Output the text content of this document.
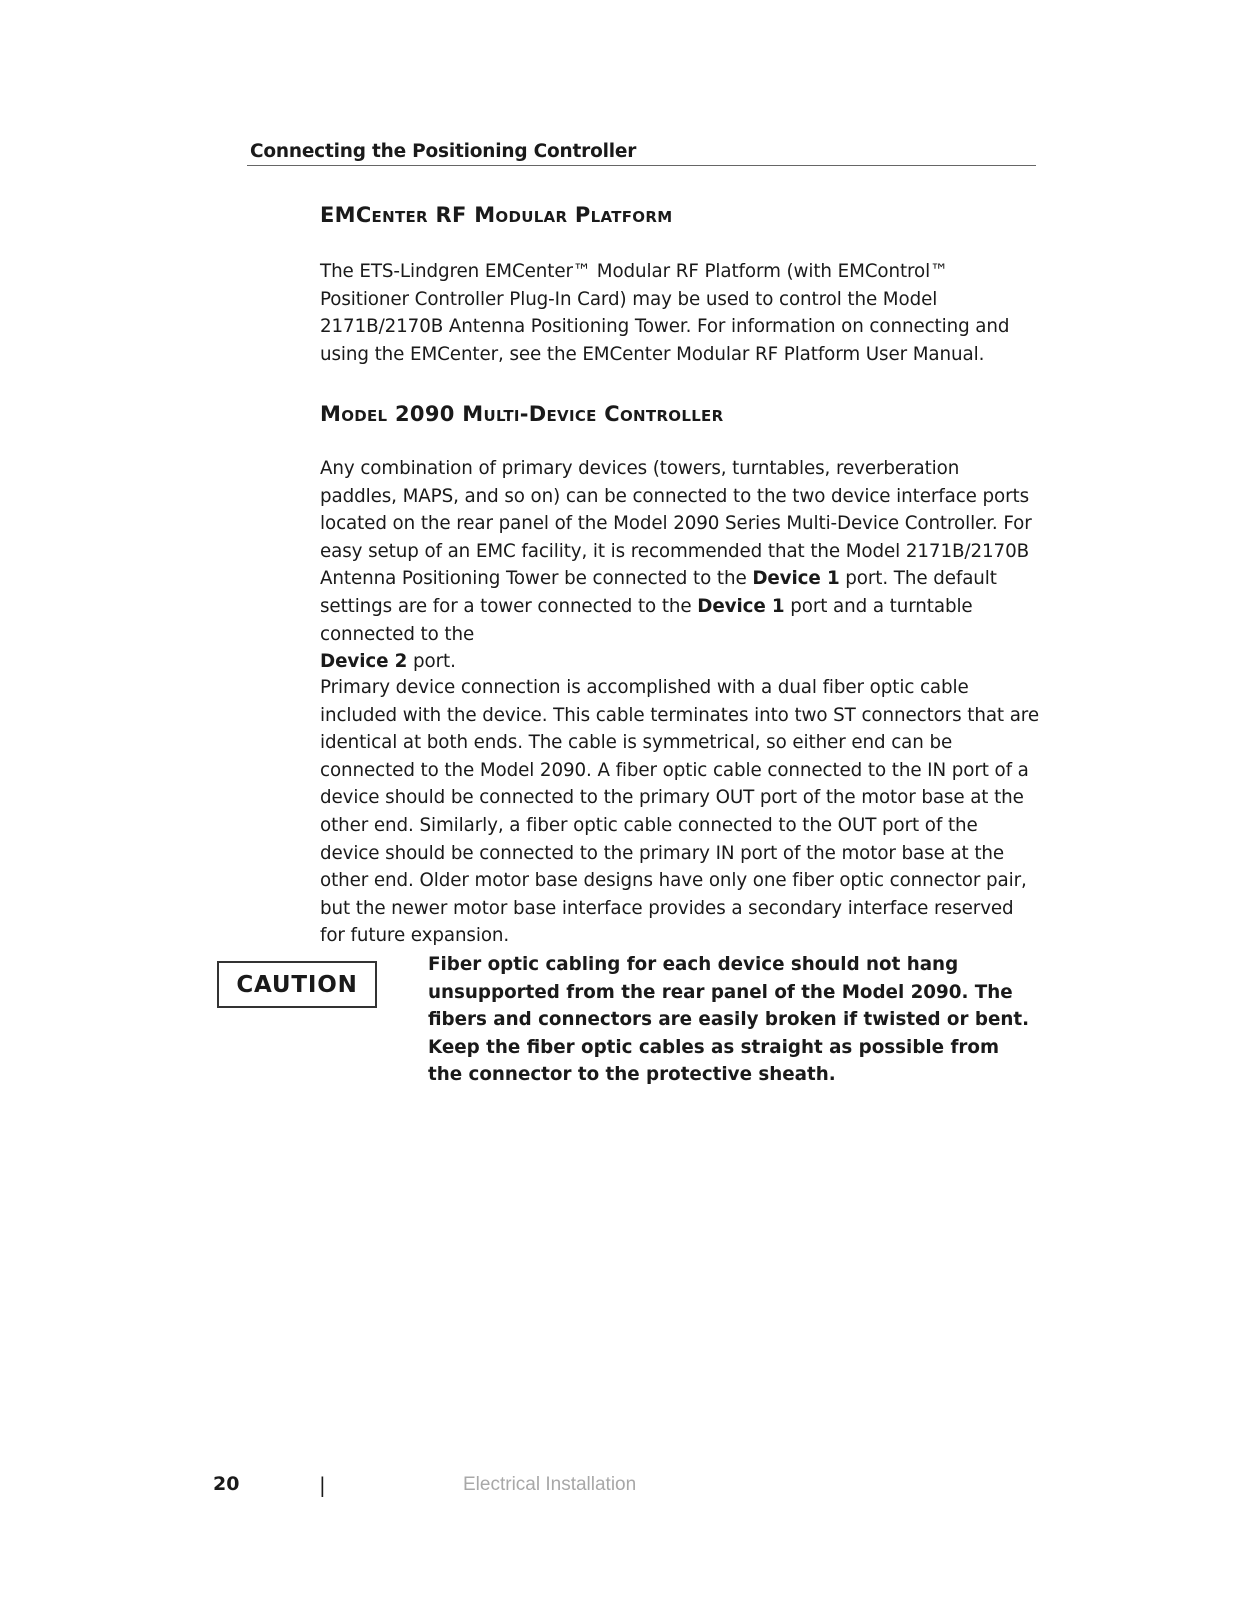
Connecting the Positioning Controller
EMCenter RF Modular Platform

The ETS-Lindgren EMCenter™ Modular RF Platform (with EMControl™ Positioner Controller Plug-In Card) may be used to control the Model 2171B/2170B Antenna Positioning Tower. For information on connecting and using the EMCenter, see the EMCenter Modular RF Platform User Manual.

Model 2090 Multi-Device Controller

Any combination of primary devices (towers, turntables, reverberation paddles, MAPS, and so on) can be connected to the two device interface ports located on the rear panel of the Model 2090 Series Multi-Device Controller. For easy setup of an EMC facility, it is recommended that the Model 2171B/2170B Antenna Positioning Tower be connected to the Device 1 port. The default settings are for a tower connected to the Device 1 port and a turntable connected to the
Device 2 port.

Primary device connection is accomplished with a dual fiber optic cable included with the device. This cable terminates into two ST connectors that are identical at both ends. The cable is symmetrical, so either end can be connected to the Model 2090. A fiber optic cable connected to the IN port of a device should be connected to the primary OUT port of the motor base at the other end. Similarly, a fiber optic cable connected to the OUT port of the device should be connected to the primary IN port of the motor base at the other end. Older motor base designs have only one fiber optic connector pair, but the newer motor base interface provides a secondary interface reserved for future expansion.

CAUTION

Fiber optic cabling for each device should not hang unsupported from the rear panel of the Model 2090. The fibers and connectors are easily broken if twisted or bent. Keep the fiber optic cables as straight as possible from the connector to the protective sheath.

20	|	Electrical Installation
